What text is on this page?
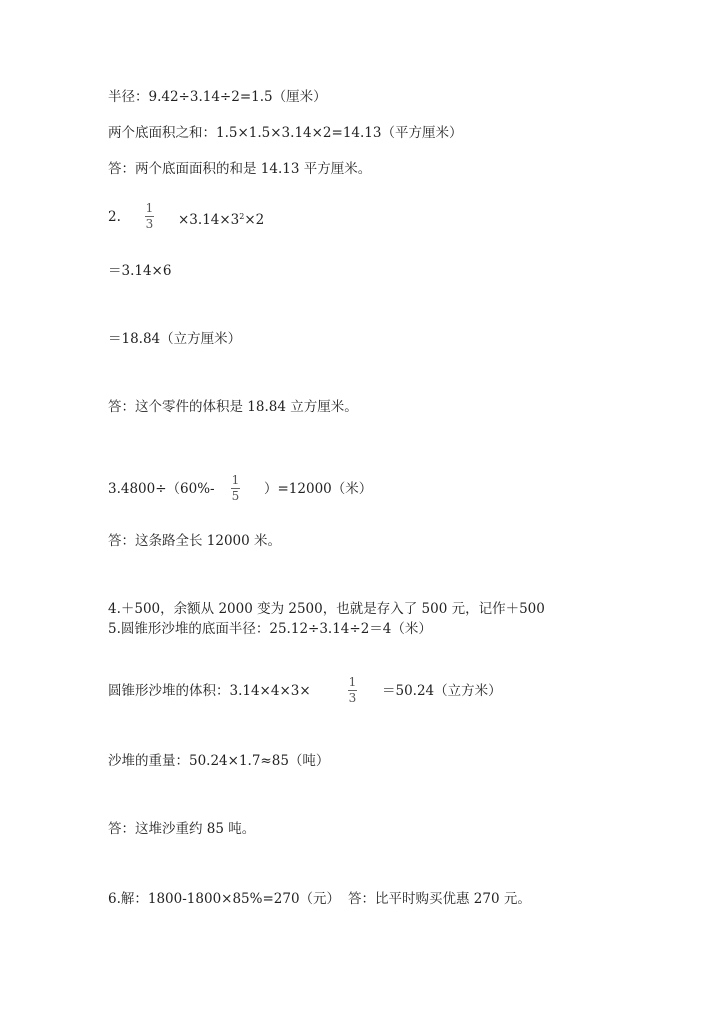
半径：9.42÷3.14÷2=1.5（厘米）
两个底面积之和：1.5×1.5×3.14×2=14.13（平方厘米）
答：两个底面面积的和是 14.13 平方厘米。
2.
1
$3 \times 3.14\times 3^2\times 2$
＝3.14×6
＝18.84（立方厘米）
答：这个零件的体积是 18.84 立方厘米。
3.4800÷（60%-
1
5 ）=12000（米）
答：这条路全长 12000 米。
4.＋500，余额从 2000 变为 2500，也就是存入了 500 元，记作＋500
5.圆锥形沙堆的底面半径：25.12÷3.14÷2＝4（米）
圆锥形沙堆的体积：3.14×4×3×
1
3 ＝50.24（立方米）
沙堆的重量：50.24×1.7≈85（吨）
答：这堆沙重约 85 吨。
6.解：1800-1800×85%=270（元） 答：比平时购买优惠 270 元。
